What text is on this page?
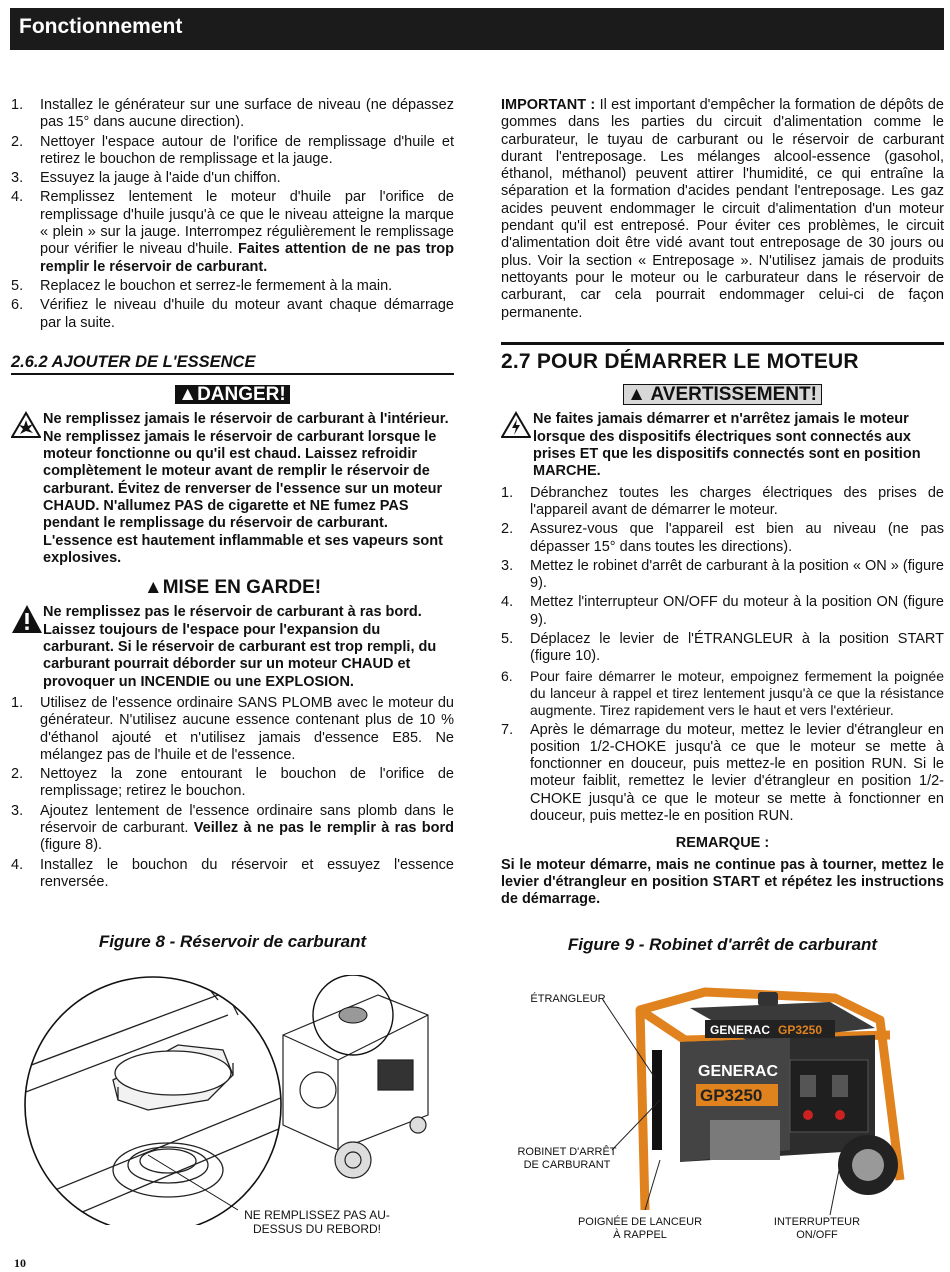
Fonctionnement
1. Installez le générateur sur une surface de niveau (ne dépassez pas 15° dans aucune direction).
2. Nettoyer l'espace autour de l'orifice de remplissage d'huile et retirez le bouchon de remplissage et la jauge.
3. Essuyez la jauge à l'aide d'un chiffon.
4. Remplissez lentement le moteur d'huile par l'orifice de remplissage d'huile jusqu'à ce que le niveau atteigne la marque « plein » sur la jauge. Interrompez régulièrement le remplissage pour vérifier le niveau d'huile. Faites attention de ne pas trop remplir le réservoir de carburant.
5. Replacez le bouchon et serrez-le fermement à la main.
6. Vérifiez le niveau d'huile du moteur avant chaque démarrage par la suite.
2.6.2 AJOUTER DE L'ESSENCE
▲DANGER!
Ne remplissez jamais le réservoir de carburant à l'intérieur. Ne remplissez jamais le réservoir de carburant lorsque le moteur fonctionne ou qu'il est chaud. Laissez refroidir complètement le moteur avant de remplir le réservoir de carburant. Évitez de renverser de l'essence sur un moteur CHAUD. N'allumez PAS de cigarette et NE fumez PAS pendant le remplissage du réservoir de carburant. L'essence est hautement inflammable et ses vapeurs sont explosives.
▲MISE EN GARDE!
Ne remplissez pas le réservoir de carburant à ras bord. Laissez toujours de l'espace pour l'expansion du carburant. Si le réservoir de carburant est trop rempli, du carburant pourrait déborder sur un moteur CHAUD et provoquer un INCENDIE ou une EXPLOSION.
1. Utilisez de l'essence ordinaire SANS PLOMB avec le moteur du générateur. N'utilisez aucune essence contenant plus de 10 % d'éthanol ajouté et n'utilisez jamais d'essence E85. Ne mélangez pas de l'huile et de l'essence.
2. Nettoyez la zone entourant le bouchon de l'orifice de remplissage; retirez le bouchon.
3. Ajoutez lentement de l'essence ordinaire sans plomb dans le réservoir de carburant. Veillez à ne pas le remplir à ras bord (figure 8).
4. Installez le bouchon du réservoir et essuyez l'essence renversée.
Figure 8 - Réservoir de carburant
NE REMPLISSEZ PAS AU-DESSUS DU REBORD!

IMPORTANT : Il est important d'empêcher la formation de dépôts de gommes dans les parties du circuit d'alimentation comme le carburateur, le tuyau de carburant ou le réservoir de carburant durant l'entreposage. Les mélanges alcool-essence (gasohol, éthanol, méthanol) peuvent attirer l'humidité, ce qui entraîne la séparation et la formation d'acides pendant l'entreposage. Les gaz acides peuvent endommager le circuit d'alimentation d'un moteur pendant qu'il est entreposé. Pour éviter ces problèmes, le circuit d'alimentation doit être vidé avant tout entreposage de 30 jours ou plus. Voir la section « Entreposage ». N'utilisez jamais de produits nettoyants pour le moteur ou le carburateur dans le réservoir de carburant, car cela pourrait endommager celui-ci de façon permanente.

2.7 POUR DÉMARRER LE MOTEUR
▲ AVERTISSEMENT!
Ne faites jamais démarrer et n'arrêtez jamais le moteur lorsque des dispositifs électriques sont connectés aux prises ET que les dispositifs connectés sont en position MARCHE.
1. Débranchez toutes les charges électriques des prises de l'appareil avant de démarrer le moteur.
2. Assurez-vous que l'appareil est bien au niveau (ne pas dépasser 15° dans toutes les directions).
3. Mettez le robinet d'arrêt de carburant à la position « ON » (figure 9).
4. Mettez l'interrupteur ON/OFF du moteur à la position ON (figure 9).
5. Déplacez le levier de l'ÉTRANGLEUR à la position START (figure 10).
6. Pour faire démarrer le moteur, empoignez fermement la poignée du lanceur à rappel et tirez lentement jusqu'à ce que la résistance augmente. Tirez rapidement vers le haut et vers l'extérieur.
7. Après le démarrage du moteur, mettez le levier d'étrangleur en position 1/2-CHOKE jusqu'à ce que le moteur se mette à fonctionner en douceur, puis mettez-le en position RUN. Si le moteur faiblit, remettez le levier d'étrangleur en position 1/2-CHOKE jusqu'à ce que le moteur se mette à fonctionner en douceur, puis mettez-le en position RUN.
REMARQUE :
Si le moteur démarre, mais ne continue pas à tourner, mettez le levier d'étrangleur en position START et répétez les instructions de démarrage.
Figure 9 - Robinet d'arrêt de carburant
GENERAC GP3250
GENERAC
GP3250
ÉTRANGLEUR
ROBINET D'ARRÊT
DE CARBURANT
POIGNÉE DE LANCEUR
À RAPPEL
INTERRUPTEUR ON/OFF
10
